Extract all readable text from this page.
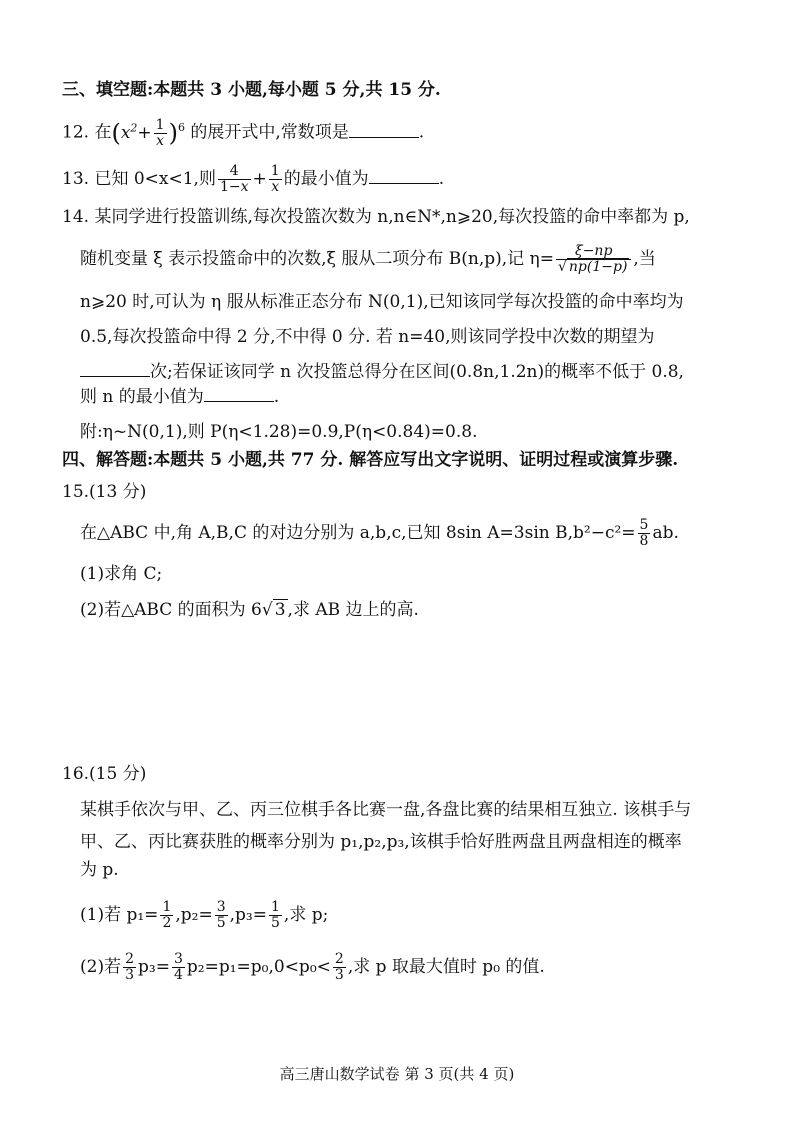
三、填空题:本题共 3 小题,每小题 5 分,共 15 分.
12. 在$(x^2+ \frac{1}{x} )^6$ 的展开式中,常数项是	.
13. 已知 0<x<1,则 $\frac{4}{1-x} + \frac{1}{x}$ 的最小值为	.
14. 某同学进行投篮训练,每次投篮次数为 n,n∈N*,n⩾20,每次投篮的命中率都为 p,
随机变量 ξ 表示投篮命中的次数,ξ 服从二项分布 B(n,p),记 $\eta= \frac{\xi-np}{√ np(1-p)}$ ,当
n⩾20 时,可认为 η 服从标准正态分布 N(0,1),已知该同学每次投篮的命中率均为
0.5,每次投篮命中得 2 分,不中得 0 分. 若 n=40,则该同学投中次数的期望为
次;若保证该同学 n 次投篮总得分在区间(0.8n,1.2n)的概率不低于 0.8,
则 n 的最小值为	.
附:η~N(0,1),则 P(η<1.28)=0.9,P(η<0.84)=0.8.
四、解答题:本题共 5 小题,共 77 分. 解答应写出文字说明、证明过程或演算步骤.
15.(13 分)
在△ABC 中,角 A,B,C 的对边分别为 a,b,c,已知 8sin A=3sin $B,b^2-c^2= \frac{5}{8}$ ab.
(1)求角 C;
(2)若△ABC 的面积为 6√ 3 ,求 AB 边上的高.
16.(15 分)
某棋手依次与甲、乙、丙三位棋手各比赛一盘,各盘比赛的结果相互独立. 该棋手与
甲、乙、丙比赛获胜的概率分别为 p₁,p₂,p₃,该棋手恰好胜两盘且两盘相连的概率
为 p.
(1)若 $p_1= \frac{1}{2} ,p_2= \frac{3}{5} ,p_3= \frac{1}{5}$ ,求 p;
(2)若 $\frac{2}{3} p_3= \frac{3}{4} p_2=p_1=p_0,0<p_0< \frac{2}{3}$ ,求 p 取最大值时 p₀ 的值.
高三唐山数学试卷 第 3 页(共 4 页)
